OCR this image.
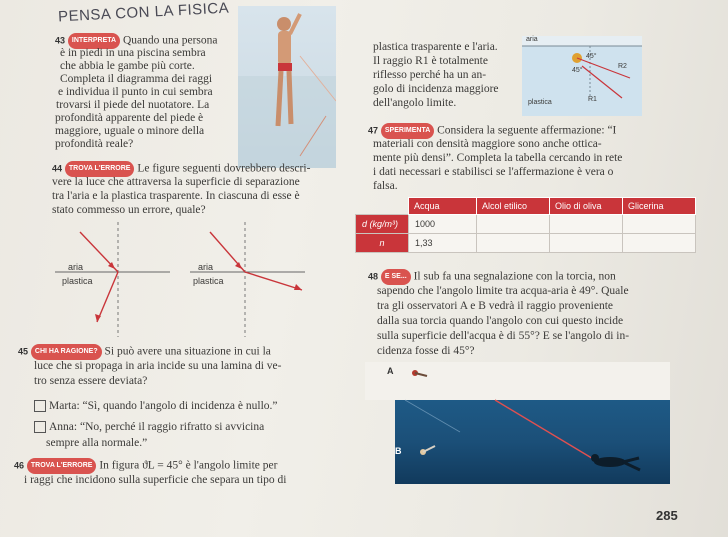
PENSA CON LA FISICA
43 INTERPRETA Quando una persona
è in piedi in una piscina sembra
che abbia le gambe più corte.
Completa il diagramma dei raggi
e individua il punto in cui sembra
trovarsi il piede del nuotatore. La
profondità apparente del piede è
maggiore, uguale o minore della
profondità reale?
44 TROVA L'ERRORE Le figure seguenti dovrebbero descri-
vere la luce che attraversa la superficie di separazione
tra l'aria e la plastica trasparente. In ciascuna di esse è
stato commesso un errore, quale?
aria
plastica
aria
plastica
45 CHI HA RAGIONE? Si può avere una situazione in cui la
luce che si propaga in aria incide su una lamina di ve-
tro senza essere deviata?
Marta: “Sì, quando l'angolo di incidenza è nullo.”
Anna: “No, perché il raggio rifratto si avvicina
sempre alla normale.”
46 TROVA L'ERRORE In figura ϑL = 45° è l'angolo limite per
i raggi che incidono sulla superficie che separa un tipo di
plastica trasparente e l'aria.
Il raggio R1 è totalmente
riflesso perché ha un an-
golo di incidenza maggiore
dell'angolo limite.
aria
45°
45°
R2
R1
plastica
47 SPERIMENTA Considera la seguente affermazione: “I
materiali con densità maggiore sono anche ottica-
mente più densi”. Completa la tabella cercando in rete
i dati necessari e stabilisci se l'affermazione è vera o
falsa.
	Acqua	Alcol etilico	Olio di oliva	Glicerina
d (kg/m³)	1000			
n	1,33			
48 E SE... Il sub fa una segnalazione con la torcia, non
sapendo che l'angolo limite tra acqua-aria è 49°. Quale
tra gli osservatori A e B vedrà il raggio proveniente
dalla sua torcia quando l'angolo con cui questo incide
sulla superficie dell'acqua è di 55°? E se l'angolo di in-
cidenza fosse di 45°?
A
B
285
